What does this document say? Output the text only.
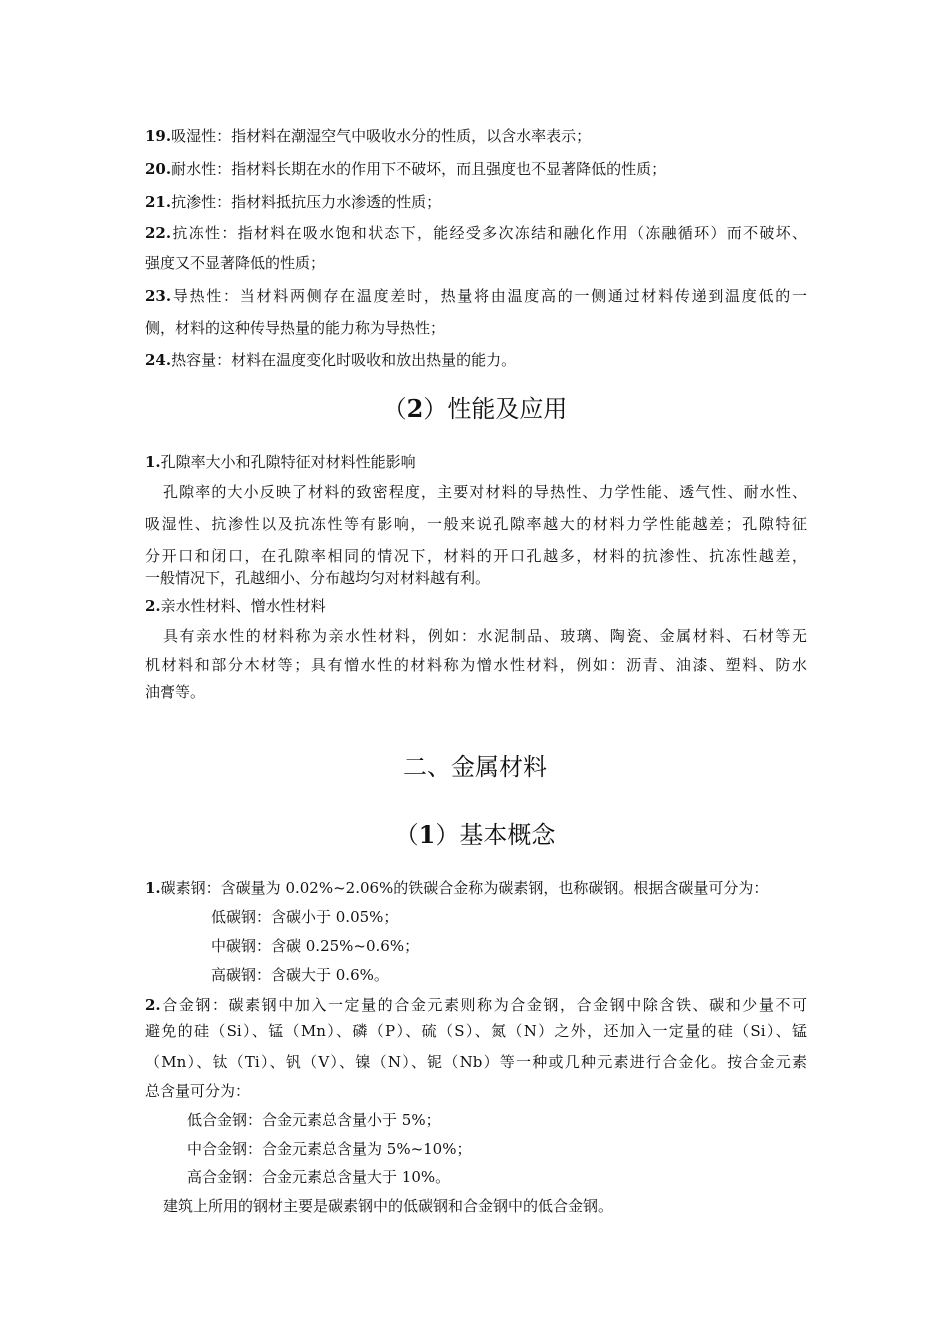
19.吸湿性：指材料在潮湿空气中吸收水分的性质，以含水率表示；
20.耐水性：指材料长期在水的作用下不破坏，而且强度也不显著降低的性质；
21.抗渗性：指材料抵抗压力水渗透的性质；
22.抗冻性：指材料在吸水饱和状态下，能经受多次冻结和融化作用（冻融循环）而不破坏、
强度又不显著降低的性质；
23.导热性：当材料两侧存在温度差时，热量将由温度高的一侧通过材料传递到温度低的一
侧，材料的这种传导热量的能力称为导热性；
24.热容量：材料在温度变化时吸收和放出热量的能力。
（2）性能及应用
1.孔隙率大小和孔隙特征对材料性能影响
孔隙率的大小反映了材料的致密程度，主要对材料的导热性、力学性能、透气性、耐水性、
吸湿性、抗渗性以及抗冻性等有影响，一般来说孔隙率越大的材料力学性能越差；孔隙特征
分开口和闭口，在孔隙率相同的情况下，材料的开口孔越多，材料的抗渗性、抗冻性越差，
一般情况下，孔越细小、分布越均匀对材料越有利。
2.亲水性材料、憎水性材料
具有亲水性的材料称为亲水性材料，例如：水泥制品、玻璃、陶瓷、金属材料、石材等无
机材料和部分木材等；具有憎水性的材料称为憎水性材料，例如：沥青、油漆、塑料、防水
油膏等。
二、金属材料
（1）基本概念
1.碳素钢：含碳量为 0.02%~2.06%的铁碳合金称为碳素钢，也称碳钢。根据含碳量可分为：
低碳钢：含碳小于 0.05%；
中碳钢：含碳 0.25%~0.6%；
高碳钢：含碳大于 0.6%。
2.合金钢：碳素钢中加入一定量的合金元素则称为合金钢，合金钢中除含铁、碳和少量不可
避免的硅（Si）、锰（Mn）、磷（P）、硫（S）、氮（N）之外，还加入一定量的硅（Si）、锰
（Mn）、钛（Ti）、钒（V）、镍（N）、铌（Nb）等一种或几种元素进行合金化。按合金元素
总含量可分为：
低合金钢：合金元素总含量小于 5%；
中合金钢：合金元素总含量为 5%~10%；
高合金钢：合金元素总含量大于 10%。
建筑上所用的钢材主要是碳素钢中的低碳钢和合金钢中的低合金钢。
